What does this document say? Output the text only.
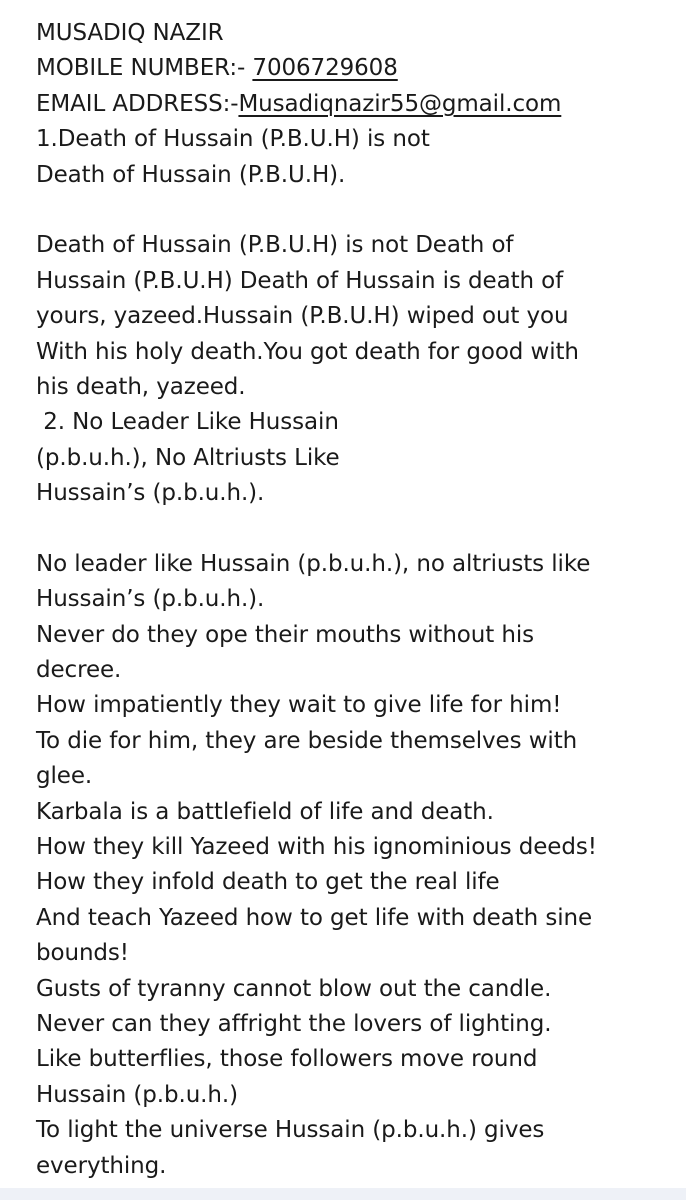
MUSADIQ NAZIR
MOBILE NUMBER:- 7006729608
EMAIL ADDRESS:-Musadiqnazir55@gmail.com
1.Death of Hussain (P.B.U.H) is not
Death of Hussain (P.B.U.H).
Death of Hussain (P.B.U.H) is not Death of
Hussain (P.B.U.H) Death of Hussain is death of
yours, yazeed.Hussain (P.B.U.H) wiped out you
With his holy death.You got death for good with
his death, yazeed.
2. No Leader Like Hussain
(p.b.u.h.), No Altriusts Like
Hussain’s (p.b.u.h.).
No leader like Hussain (p.b.u.h.), no altriusts like
Hussain’s (p.b.u.h.).
Never do they ope their mouths without his
decree.
How impatiently they wait to give life for him!
To die for him, they are beside themselves with
glee.
Karbala is a battlefield of life and death.
How they kill Yazeed with his ignominious deeds!
How they infold death to get the real life
And teach Yazeed how to get life with death sine
bounds!
Gusts of tyranny cannot blow out the candle.
Never can they affright the lovers of lighting.
Like butterflies, those followers move round
Hussain (p.b.u.h.)
To light the universe Hussain (p.b.u.h.) gives
everything.
